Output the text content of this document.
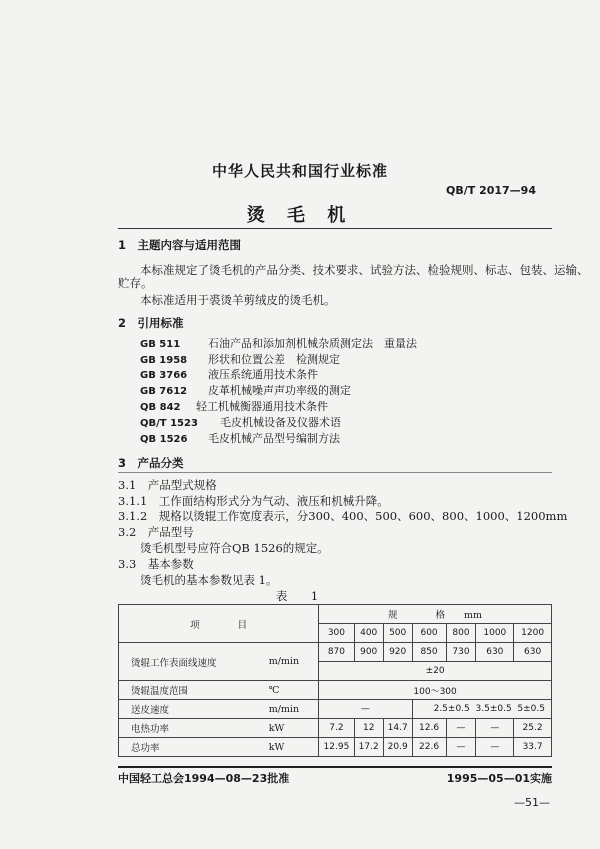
中华人民共和国行业标准
QB/T 2017—94
烫 毛 机
1　主题内容与适用范围
本标准规定了烫毛机的产品分类、技术要求、试验方法、检验规则、标志、包装、运输、
贮存。
本标准适用于裘烫羊剪绒皮的烫毛机。
2　引用标准
GB 511	石油产品和添加剂机械杂质测定法　重量法
GB 1958 形状和位置公差　检测规定
GB 3766 液压系统通用技术条件
GB 7612 皮革机械噪声声功率级的测定
QB 842 轻工机械衡器通用技术条件
QB/T 1523 毛皮机械设备及仪器术语
QB 1526 毛皮机械产品型号编制方法
3　产品分类
3.1　产品型式规格
3.1.1　工作面结构形式分为气动、液压和机械升降。
3.1.2　规格以烫辊工作宽度表示，分300、400、500、600、800、1000、1200mm
3.2　产品型号
烫毛机型号应符合QB 1526的规定。
3.3　基本参数
烫毛机的基本参数见表 1。
表　1
项　　　　目		规　　　　格　　mm						
		300	400	500	600	800	1000	1200
烫辊工作表面线速度	m/min	870	900	920	850	730	630	630
		±20						
烫辊温度范围	℃	100～300						
送皮速度	m/min	—			2.5±0.5 3.5±0.5 5±0.5			
电热功率	kW	7.2	12	14.7	12.6	—	—	25.2
总功率	kW	12.95	17.2	20.9	22.6	—	—	33.7
中国轻工总会1994—08—23批准	1995—05—01实施
—51—
